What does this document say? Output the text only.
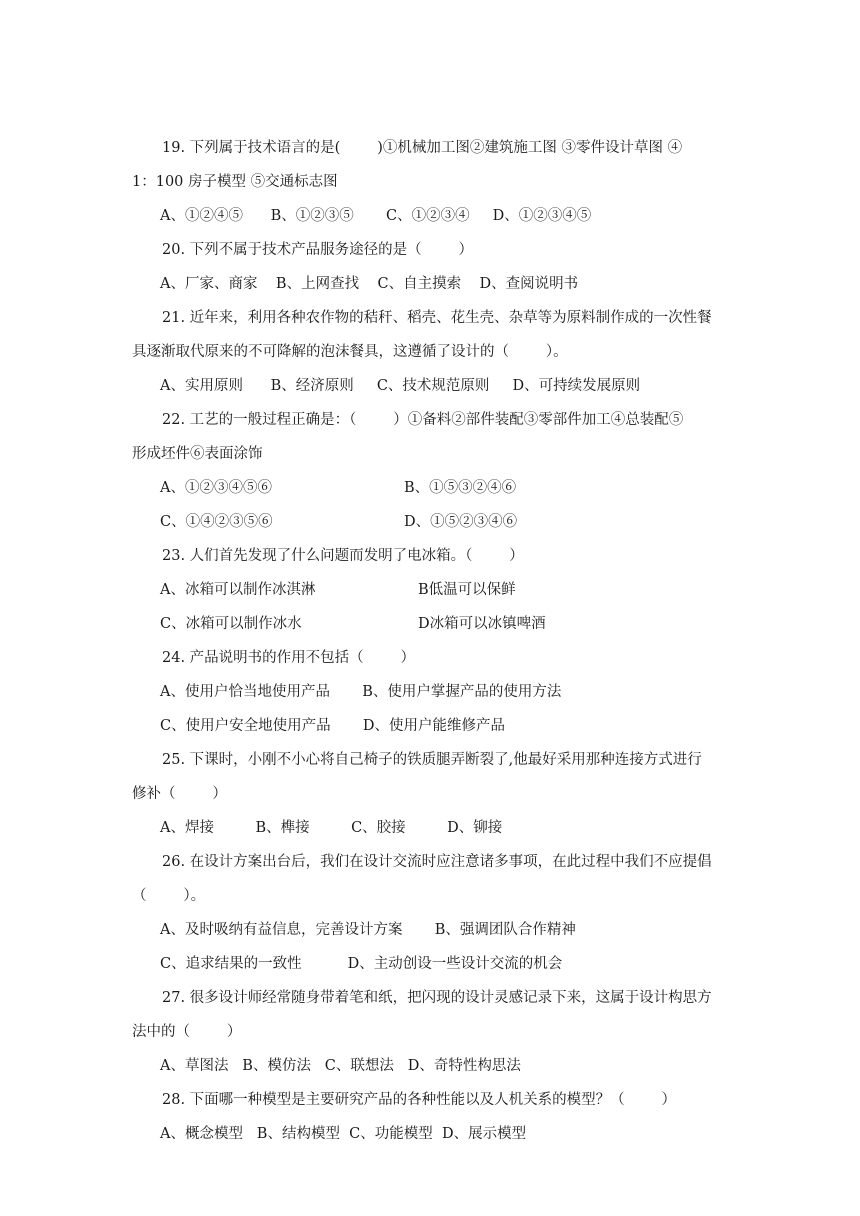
19. 下列属于技术语言的是(        )①机械加工图②建筑施工图 ③零件设计草图 ④
1：100 房子模型 ⑤交通标志图
A、①②④⑤      B、①②③⑤       C、①②③④     D、①②③④⑤
20. 下列不属于技术产品服务途径的是（        ）
A、厂家、商家    B、上网查找    C、自主摸索    D、查阅说明书
21. 近年来，利用各种农作物的秸秆、稻壳、花生壳、杂草等为原料制作成的一次性餐
具逐渐取代原来的不可降解的泡沫餐具，这遵循了设计的（        ）。
A、实用原则      B、经济原则     C、技术规范原则     D、可持续发展原则
22. 工艺的一般过程正确是：（        ）①备料②部件装配③零部件加工④总装配⑤
形成坯件⑥表面涂饰
A、①②③④⑤⑥	B、①⑤③②④⑥
C、①④②③⑤⑥	D、①⑤②③④⑥
23. 人们首先发现了什么问题而发明了电冰箱。（        ）
A、冰箱可以制作冰淇淋	B低温可以保鲜
C、冰箱可以制作冰水	D冰箱可以冰镇啤酒
24. 产品说明书的作用不包括（        ）
A、使用户恰当地使用产品       B、使用户掌握产品的使用方法
C、使用户安全地使用产品       D、使用户能维修产品
25. 下课时，小刚不小心将自己椅子的铁质腿弄断裂了,他最好采用那种连接方式进行
修补（        ）
A、焊接         B、榫接         C、胶接         D、铆接
26. 在设计方案出台后，我们在设计交流时应注意诸多事项，在此过程中我们不应提倡
（        ）。
A、及时吸纳有益信息，完善设计方案       B、强调团队合作精神
C、追求结果的一致性          D、主动创设一些设计交流的机会
27. 很多设计师经常随身带着笔和纸，把闪现的设计灵感记录下来，这属于设计构思方
法中的（        ）
A、草图法   B、模仿法   C、联想法   D、奇特性构思法
28. 下面哪一种模型是主要研究产品的各种性能以及人机关系的模型？（        ）
A、概念模型   B、结构模型  C、功能模型  D、展示模型
